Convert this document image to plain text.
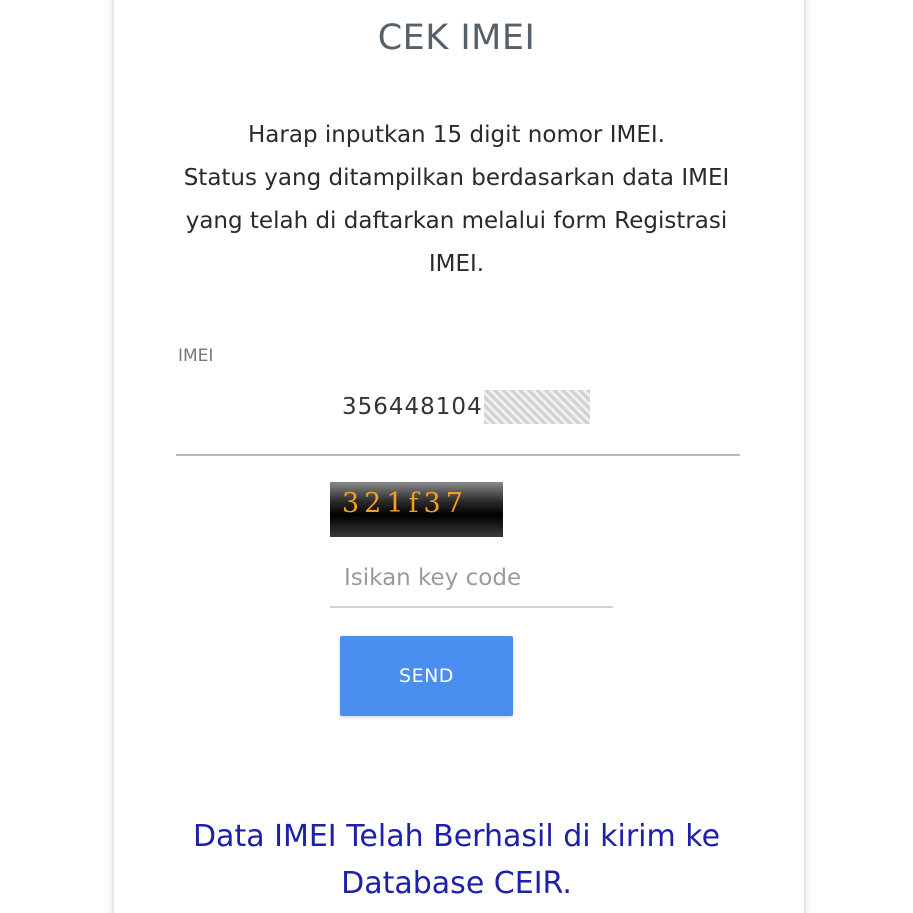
CEK IMEI
Harap inputkan 15 digit nomor IMEI.
Status yang ditampilkan berdasarkan data IMEI
yang telah di daftarkan melalui form Registrasi
IMEI.
IMEI
356448104
321f37
Isikan key code
SEND
Data IMEI Telah Berhasil di kirim ke
Database CEIR.
